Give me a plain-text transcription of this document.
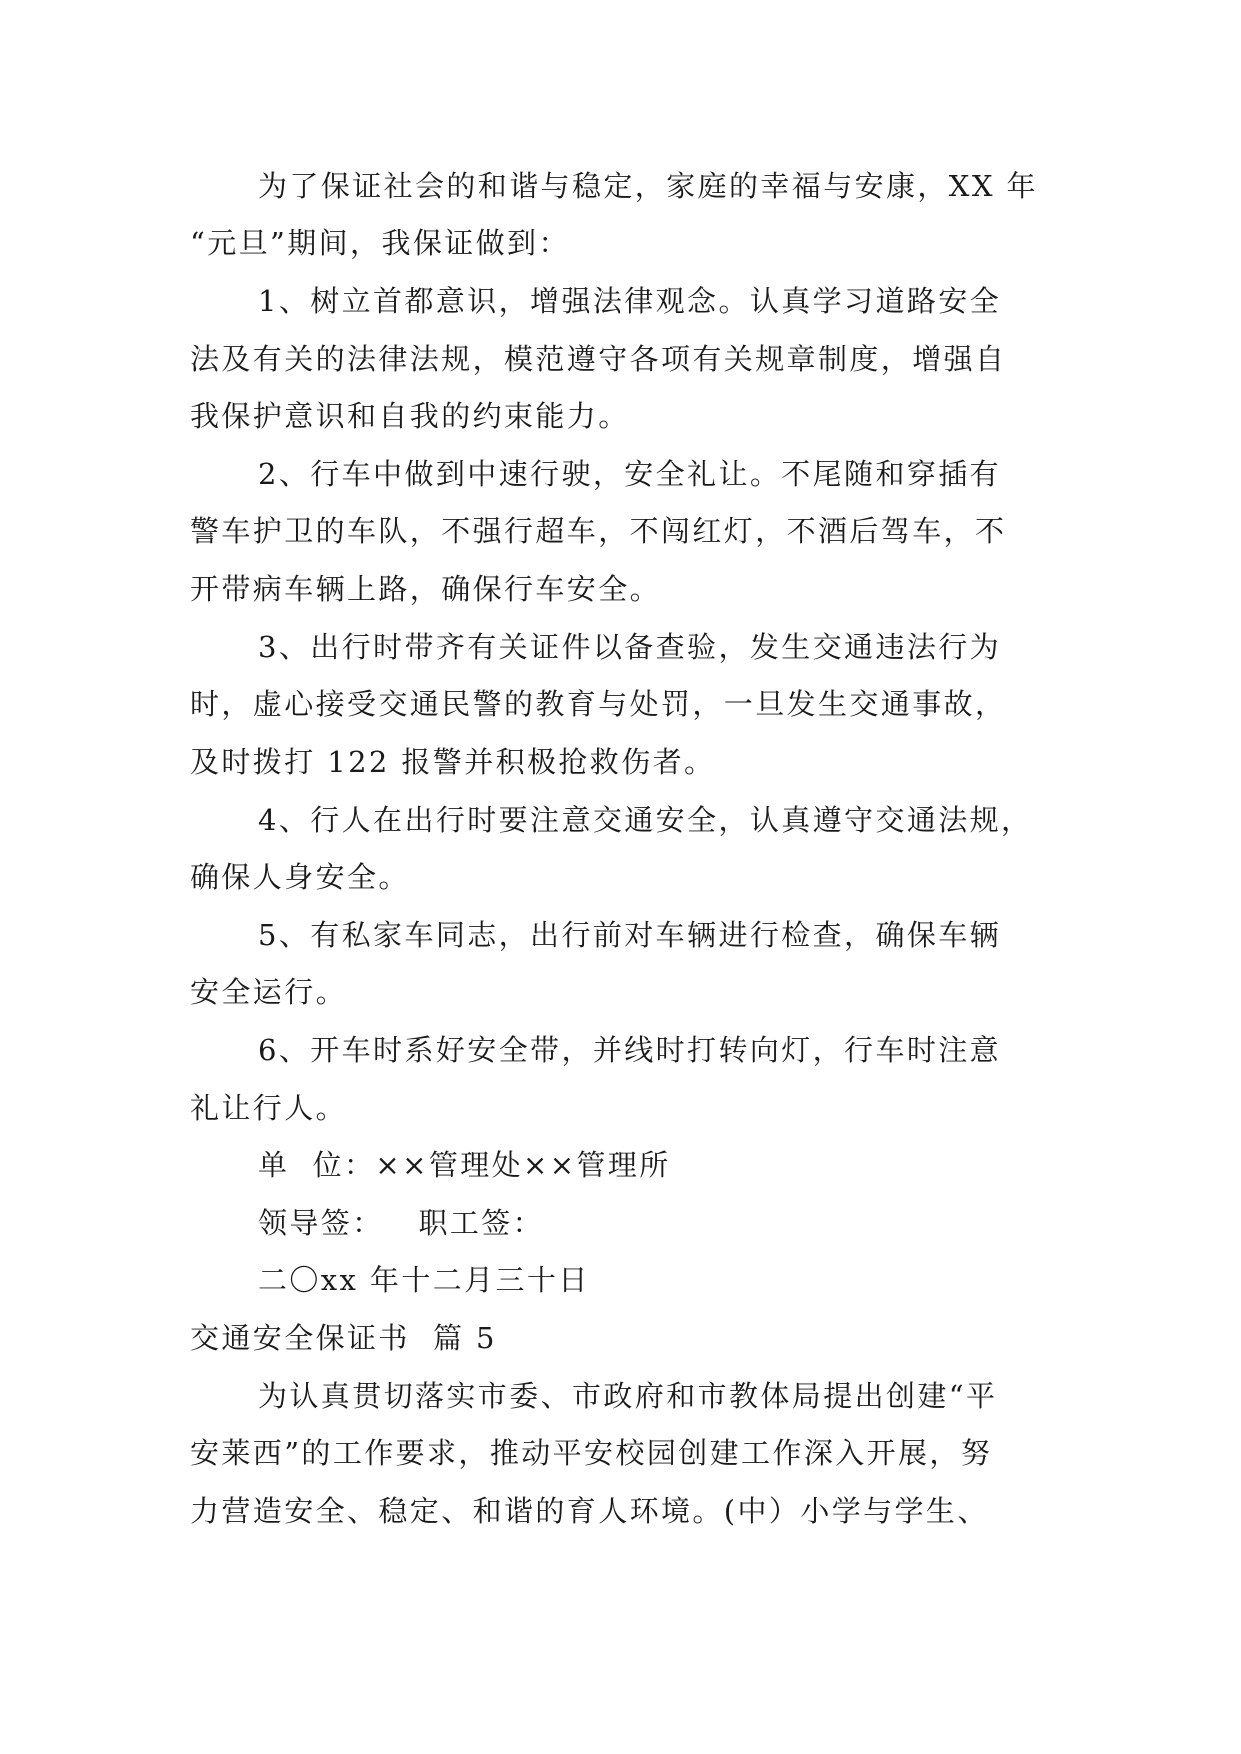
为了保证社会的和谐与稳定，家庭的幸福与安康，XX 年
“元旦”期间，我保证做到：
1、树立首都意识，增强法律观念。认真学习道路安全
法及有关的法律法规，模范遵守各项有关规章制度，增强自
我保护意识和自我的约束能力。
2、行车中做到中速行驶，安全礼让。不尾随和穿插有
警车护卫的车队，不强行超车，不闯红灯，不酒后驾车，不
开带病车辆上路，确保行车安全。
3、出行时带齐有关证件以备查验，发生交通违法行为
时，虚心接受交通民警的教育与处罚，一旦发生交通事故，
及时拨打 122 报警并积极抢救伤者。
4、行人在出行时要注意交通安全，认真遵守交通法规，
确保人身安全。
5、有私家车同志，出行前对车辆进行检查，确保车辆
安全运行。
6、开车时系好安全带，并线时打转向灯，行车时注意
礼让行人。
单  位：××管理处××管理所
领导签：   职工签：
二〇xx 年十二月三十日
交通安全保证书  篇 5
为认真贯切落实市委、市政府和市教体局提出创建“平
安莱西”的工作要求，推动平安校园创建工作深入开展，努
力营造安全、稳定、和谐的育人环境。(中）小学与学生、
